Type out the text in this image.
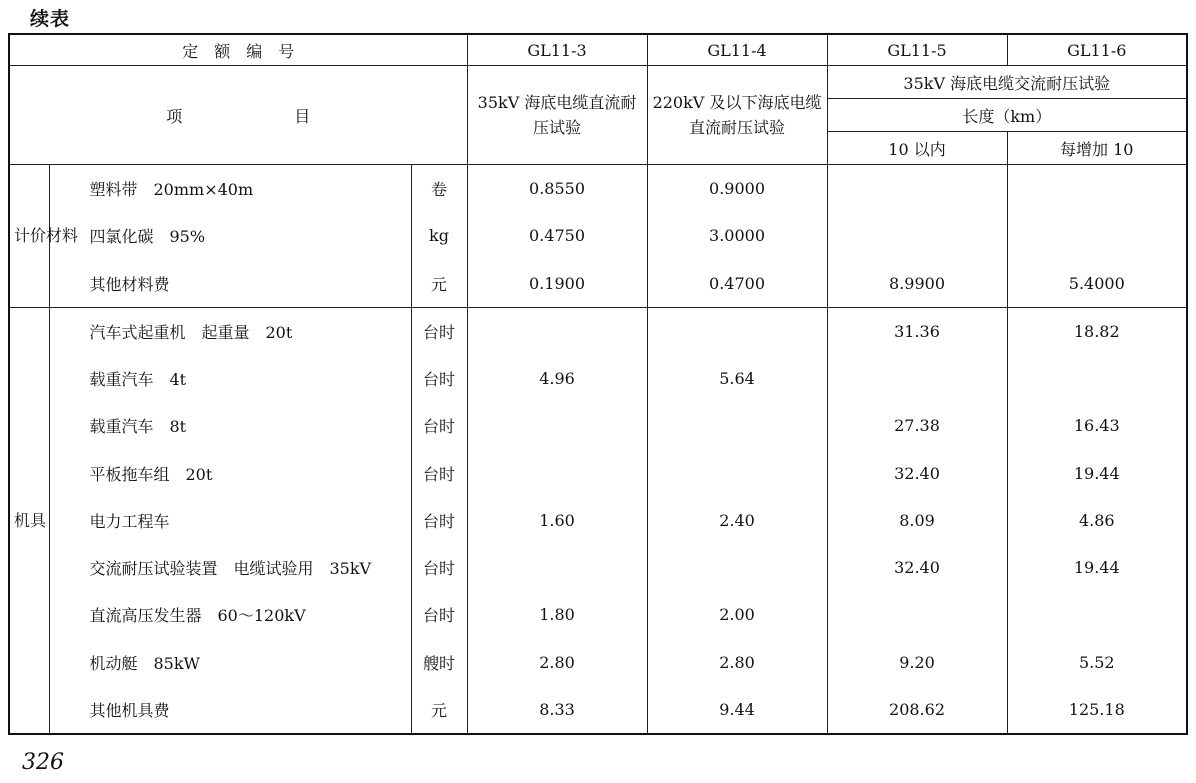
续表
定　额　编　号			GL11-3	GL11-4	GL11-5	GL11-6
项　　　　　　　目			35kV 海底电缆直流耐压试验	220kV 及以下海底电缆直流耐压试验	35kV 海底电缆交流耐压试验	
					长度（km）	
					10 以内	每增加 10
计价材料	塑料带　20mm×40m	卷	0.8550	0.9000		
	四氯化碳　95%	kg	0.4750	3.0000		
	其他材料费	元	0.1900	0.4700	8.9900	5.4000
机具	汽车式起重机　起重量　20t	台时			31.36	18.82
	载重汽车　4t	台时	4.96	5.64		
	载重汽车　8t	台时			27.38	16.43
	平板拖车组　20t	台时			32.40	19.44
	电力工程车	台时	1.60	2.40	8.09	4.86
	交流耐压试验装置　电缆试验用　35kV	台时			32.40	19.44
	直流高压发生器　60～120kV	台时	1.80	2.00		
	机动艇　85kW	艘时	2.80	2.80	9.20	5.52
	其他机具费	元	8.33	9.44	208.62	125.18
326
